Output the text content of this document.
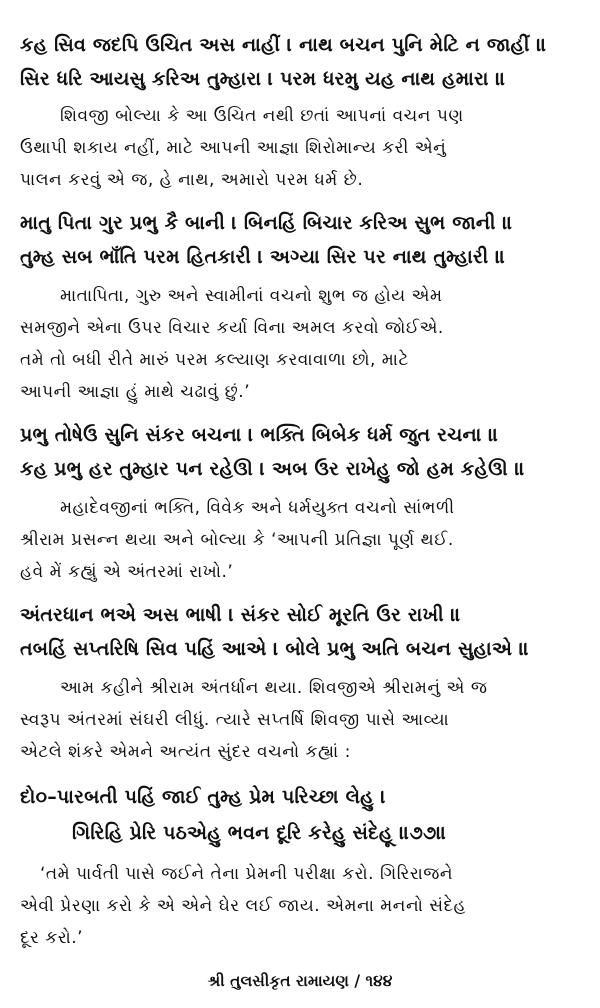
કહ સિવ જદપિ ઉચિત અસ નાહીં । નાથ બચન પુનિ મેટિ ન જાહીં ॥
સિર ધરિ આયસુ કરિઅ તુમ્હારા । પરમ ધરમુ યહ નાથ હમારા ॥
શિવજી બોલ્યા કે આ ઉચિત નથી છતાં આપનાં વચન પણ
ઉથાપી શકાય નહીં, માટે આપની આજ્ઞા શિરોમાન્ય કરી એનું
પાલન કરવું એ જ, હે નાથ, અમારો પરમ ધર્મ છે.
માતુ પિતા ગુર પ્રભુ કૈ બાની । બિનહિં બિચાર કરિઅ સુભ જાની ॥
તુમ્હ સબ ભાઁતિ પરમ હિતકારી । અગ્યા સિર પર નાથ તુમ્હારી ॥
માતાપિતા, ગુરુ અને સ્વામીનાં વચનો શુભ જ હોય એમ
સમજીને એના ઉપર વિચાર કર્યા વિના અમલ કરવો જોઈએ.
તમે તો બધી રીતે મારું પરમ કલ્યાણ કરવાવાળા છો, માટે
આપની આજ્ઞા હું માથે ચઢાવું છું.’
પ્રભુ તોષેઉ સુનિ સંકર બચના । ભક્તિ બિબેક ધર્મ જુત રચના ॥
કહ પ્રભુ હર તુમ્હાર પન રહેઊ । અબ ઉર રાખેહુ જો હમ કહેઊ ॥
મહાદેવજીનાં ભક્તિ, વિવેક અને ધર્મયુક્ત વચનો સાંભળી
શ્રીરામ પ્રસન્ન થયા અને બોલ્યા કે ‘આપની પ્રતિજ્ઞા પૂર્ણ થઈ.
હવે મેં કહ્યું એ અંતરમાં રાખો.’
અંતરધાન ભએ અસ ભાષી । સંકર સોઈ મૂરતિ ઉર રાખી ॥
તબહિં સપ્તરિષિ સિવ પહિં આએ । બોલે પ્રભુ અતિ બચન સુહાએ ॥
આમ કહીને શ્રીરામ અંતર્ધાન થયા. શિવજીએ શ્રીરામનું એ જ
સ્વરૂપ અંતરમાં સંઘરી લીધું. ત્યારે સપ્તર્ષિ શિવજી પાસે આવ્યા
એટલે શંકરે એમને અત્યંત સુંદર વચનો કહ્યાં :
દો૦–પારબતી પહિં જાઈ તુમ્હ પ્રેમ પરિચ્છા લેહુ ।
ગિરિહિ પ્રેરિ પઠએહુ ભવન દૂરિ કરેહુ સંદેહૂ ॥૭૭॥
‘તમે પાર્વતી પાસે જઈને તેના પ્રેમની પરીક્ષા કરો. ગિરિરાજને
એવી પ્રેરણા કરો કે એ એને ઘેર લઈ જાય. એમના મનનો સંદેહ
દૂર કરો.’
શ્રી તુલસીકૃત રામાયણ / ૧૪૪
